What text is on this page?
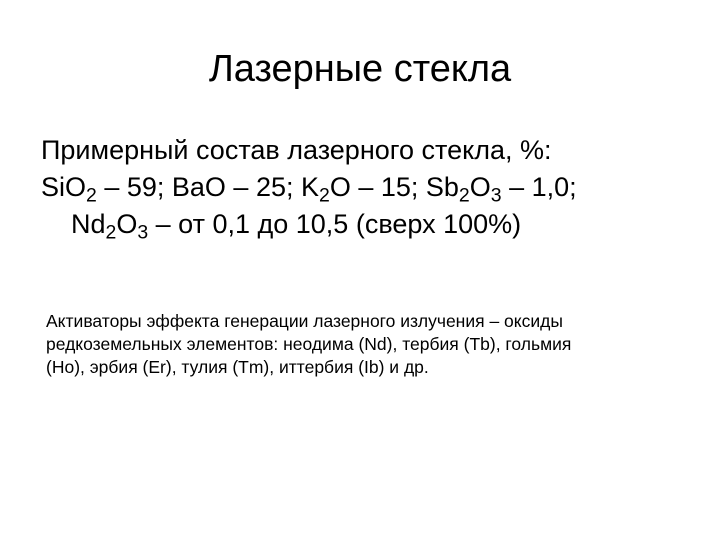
Лазерные стекла
Примерный состав лазерного стекла, %:
SiO$_2$ – 59; BaO – 25; $K_2O - 15$; $Sb_2O_3 - 1,0$;
$Nd_2O_3$ – от 0,1 до 10,5 (сверх 100%)
Активаторы эффекта генерации лазерного излучения – оксиды
редкоземельных элементов: неодима (Nd), тербия (Tb), гольмия
(Ho), эрбия (Er), тулия (Tm), иттербия (Ib) и др.
